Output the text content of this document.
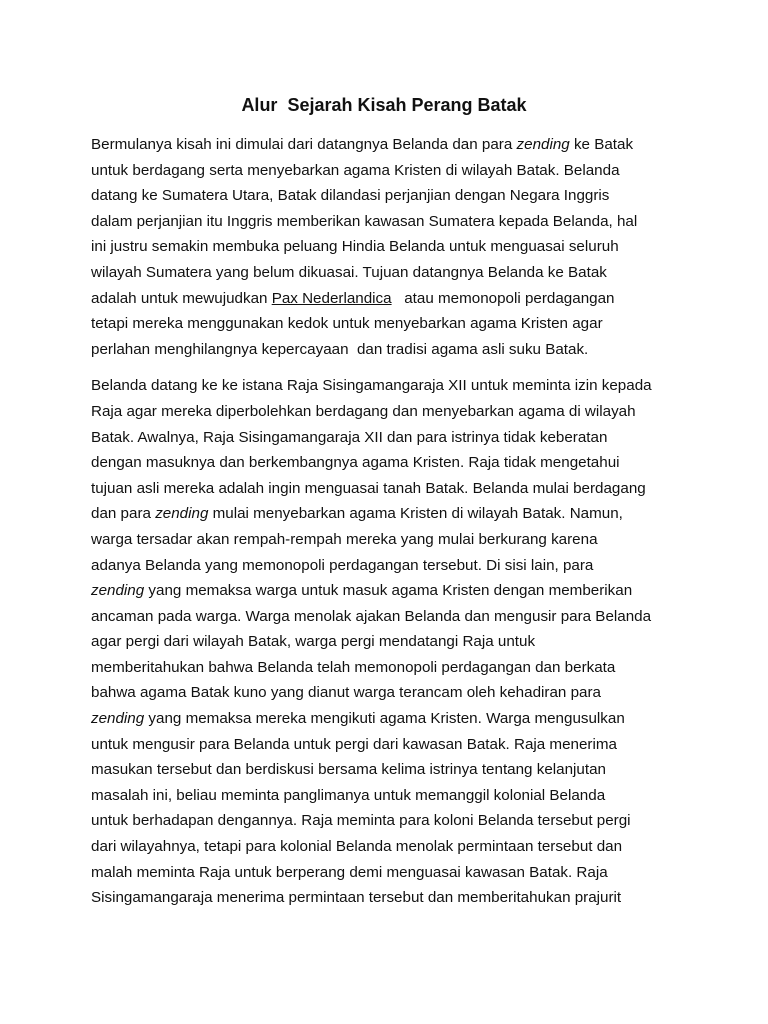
Alur  Sejarah Kisah Perang Batak
Bermulanya kisah ini dimulai dari datangnya Belanda dan para zending ke Batak
untuk berdagang serta menyebarkan agama Kristen di wilayah Batak. Belanda
datang ke Sumatera Utara, Batak dilandasi perjanjian dengan Negara Inggris
dalam perjanjian itu Inggris memberikan kawasan Sumatera kepada Belanda, hal
ini justru semakin membuka peluang Hindia Belanda untuk menguasai seluruh
wilayah Sumatera yang belum dikuasai. Tujuan datangnya Belanda ke Batak
adalah untuk mewujudkan Pax Nederlandica   atau memonopoli perdagangan
tetapi mereka menggunakan kedok untuk menyebarkan agama Kristen agar
perlahan menghilangnya kepercayaan  dan tradisi agama asli suku Batak.
Belanda datang ke ke istana Raja Sisingamangaraja XII untuk meminta izin kepada
Raja agar mereka diperbolehkan berdagang dan menyebarkan agama di wilayah
Batak. Awalnya, Raja Sisingamangaraja XII dan para istrinya tidak keberatan
dengan masuknya dan berkembangnya agama Kristen. Raja tidak mengetahui
tujuan asli mereka adalah ingin menguasai tanah Batak. Belanda mulai berdagang
dan para zending mulai menyebarkan agama Kristen di wilayah Batak. Namun,
warga tersadar akan rempah-rempah mereka yang mulai berkurang karena
adanya Belanda yang memonopoli perdagangan tersebut. Di sisi lain, para
zending yang memaksa warga untuk masuk agama Kristen dengan memberikan
ancaman pada warga. Warga menolak ajakan Belanda dan mengusir para Belanda
agar pergi dari wilayah Batak, warga pergi mendatangi Raja untuk
memberitahukan bahwa Belanda telah memonopoli perdagangan dan berkata
bahwa agama Batak kuno yang dianut warga terancam oleh kehadiran para
zending yang memaksa mereka mengikuti agama Kristen. Warga mengusulkan
untuk mengusir para Belanda untuk pergi dari kawasan Batak. Raja menerima
masukan tersebut dan berdiskusi bersama kelima istrinya tentang kelanjutan
masalah ini, beliau meminta panglimanya untuk memanggil kolonial Belanda
untuk berhadapan dengannya. Raja meminta para koloni Belanda tersebut pergi
dari wilayahnya, tetapi para kolonial Belanda menolak permintaan tersebut dan
malah meminta Raja untuk berperang demi menguasai kawasan Batak. Raja
Sisingamangaraja menerima permintaan tersebut dan memberitahukan prajurit
